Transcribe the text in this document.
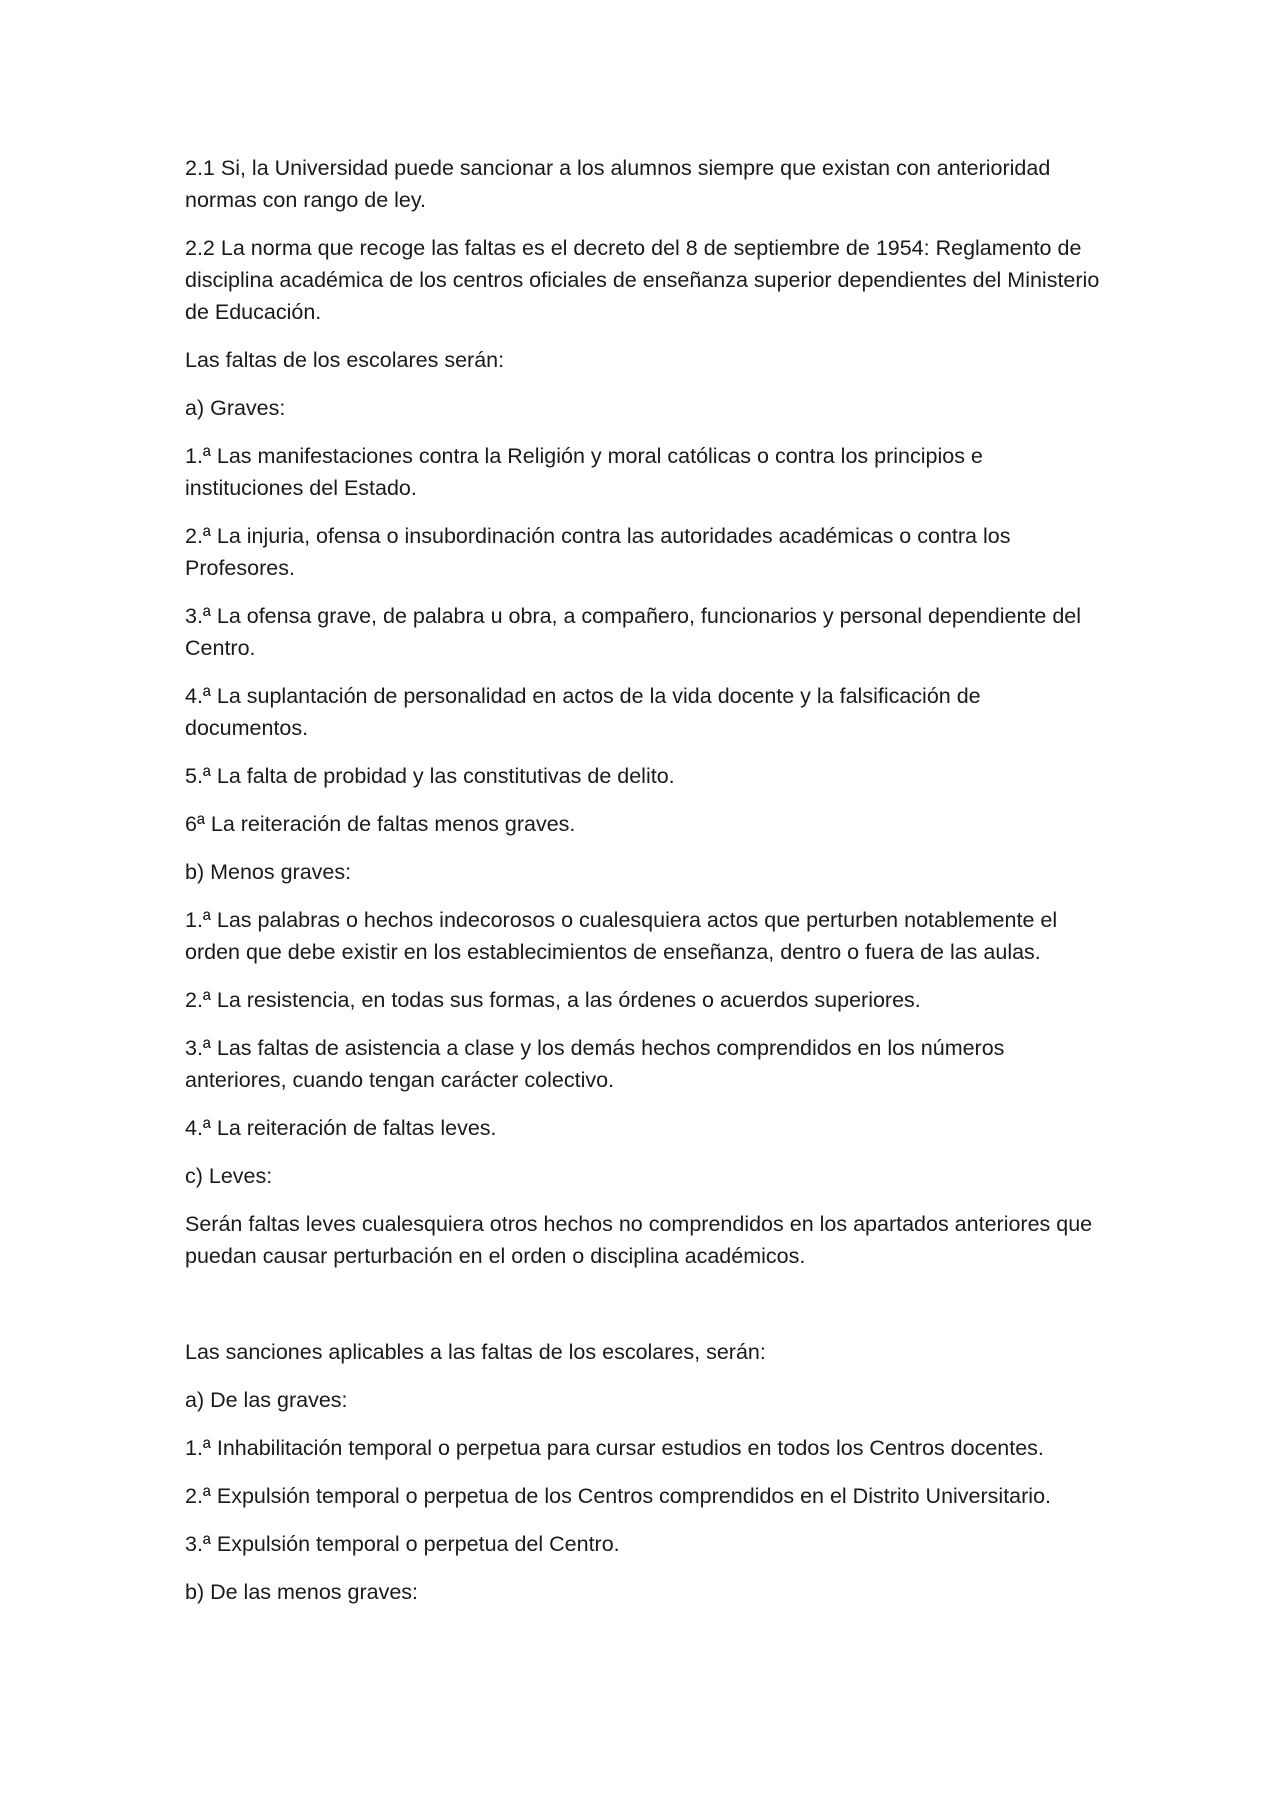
2.1 Si, la Universidad puede sancionar a los alumnos siempre que existan con anterioridad normas con rango de ley.

2.2 La norma que recoge las faltas es el decreto del 8 de septiembre de 1954: Reglamento de disciplina académica de los centros oficiales de enseñanza superior dependientes del Ministerio de Educación.

Las faltas de los escolares serán:

a) Graves:

1.ª Las manifestaciones contra la Religión y moral católicas o contra los principios e instituciones del Estado.

2.ª La injuria, ofensa o insubordinación contra las autoridades académicas o contra los Profesores.

3.ª La ofensa grave, de palabra u obra, a compañero, funcionarios y personal dependiente del Centro.

4.ª La suplantación de personalidad en actos de la vida docente y la falsificación de documentos.

5.ª La falta de probidad y las constitutivas de delito.

6ª La reiteración de faltas menos graves.

b) Menos graves:

1.ª Las palabras o hechos indecorosos o cualesquiera actos que perturben notablemente el orden que debe existir en los establecimientos de enseñanza, dentro o fuera de las aulas.

2.ª La resistencia, en todas sus formas, a las órdenes o acuerdos superiores.

3.ª Las faltas de asistencia a clase y los demás hechos comprendidos en los números anteriores, cuando tengan carácter colectivo.

4.ª La reiteración de faltas leves.

c) Leves:

Serán faltas leves cualesquiera otros hechos no comprendidos en los apartados anteriores que puedan causar perturbación en el orden o disciplina académicos.

Las sanciones aplicables a las faltas de los escolares, serán:

a) De las graves:

1.ª Inhabilitación temporal o perpetua para cursar estudios en todos los Centros docentes.

2.ª Expulsión temporal o perpetua de los Centros comprendidos en el Distrito Universitario.

3.ª Expulsión temporal o perpetua del Centro.

b) De las menos graves:
